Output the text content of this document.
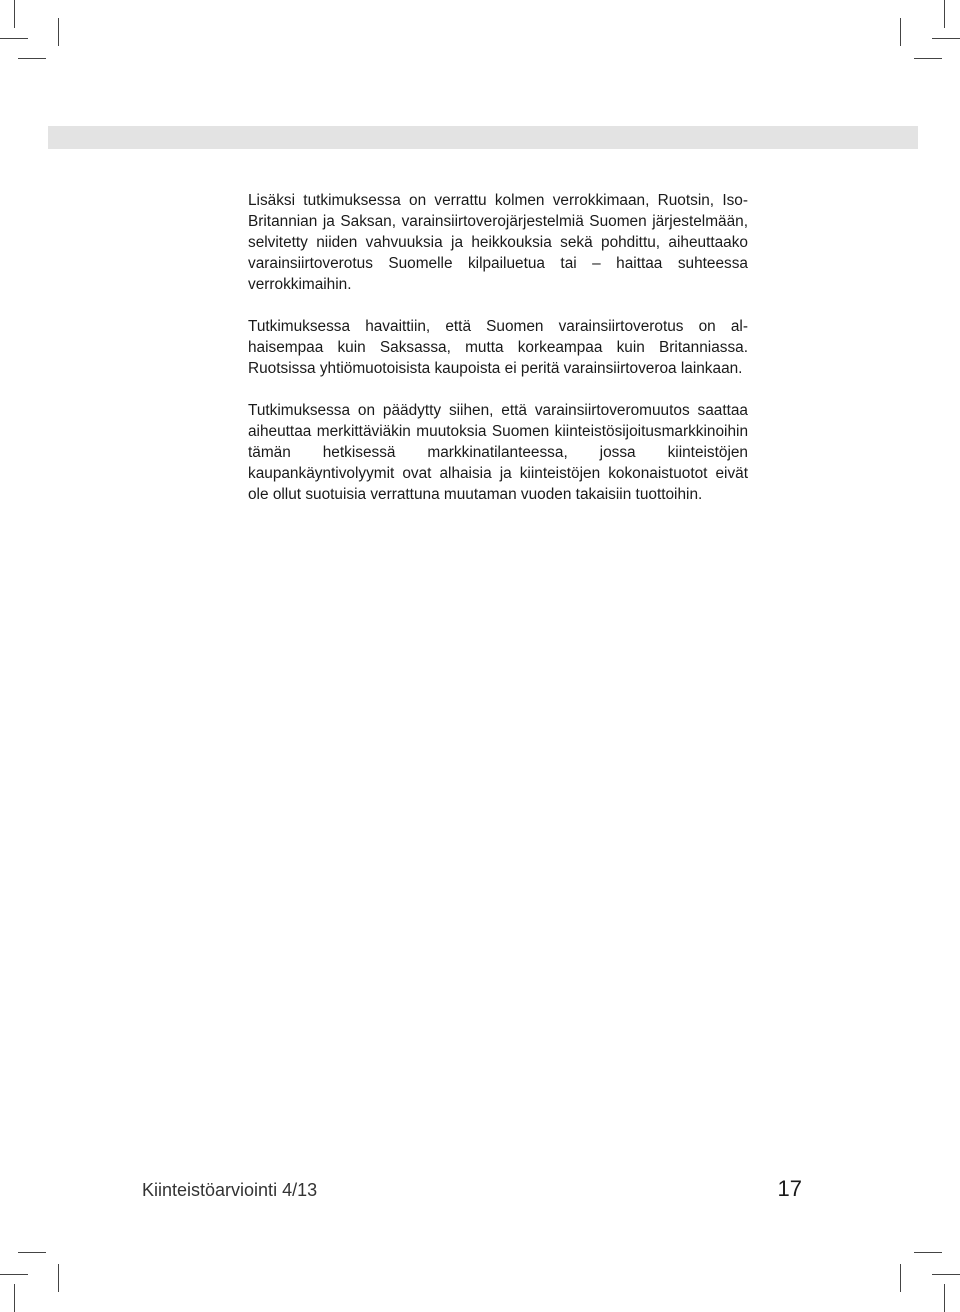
Lisäksi tutkimuksessa on verrattu kolmen verrokkimaan, Ruotsin, Iso-Britannian ja Saksan, varainsiirtoverojärjestelmiä Suomen järjestelmään, selvitetty niiden vahvuuksia ja heikkouksia sekä pohdittu, aiheuttaako varainsiirtoverotus Suomelle kilpailuetua tai – haittaa suhteessa verrokkimaihin.

Tutkimuksessa havaittiin, että Suomen varainsiirtoverotus on alhaisempaa kuin Saksassa, mutta korkeampaa kuin Britanniassa. Ruotsissa yhtiömuotoisista kaupoista ei peritä varainsiirtoveroa lainkaan.

Tutkimuksessa on päädytty siihen, että varainsiirtoveromuutos saattaa aiheuttaa merkittäviäkin muutoksia Suomen kiinteistösijoitusmarkkinoihin tämän hetkisessä markkinatilanteessa, jossa kiinteistöjen kaupankäyntivolyymit ovat alhaisia ja kiinteistöjen kokonaistuotot eivät ole ollut suotuisia verrattuna muutaman vuoden takaisiin tuottoihin.

Kiinteistöarviointi 4/13	17
